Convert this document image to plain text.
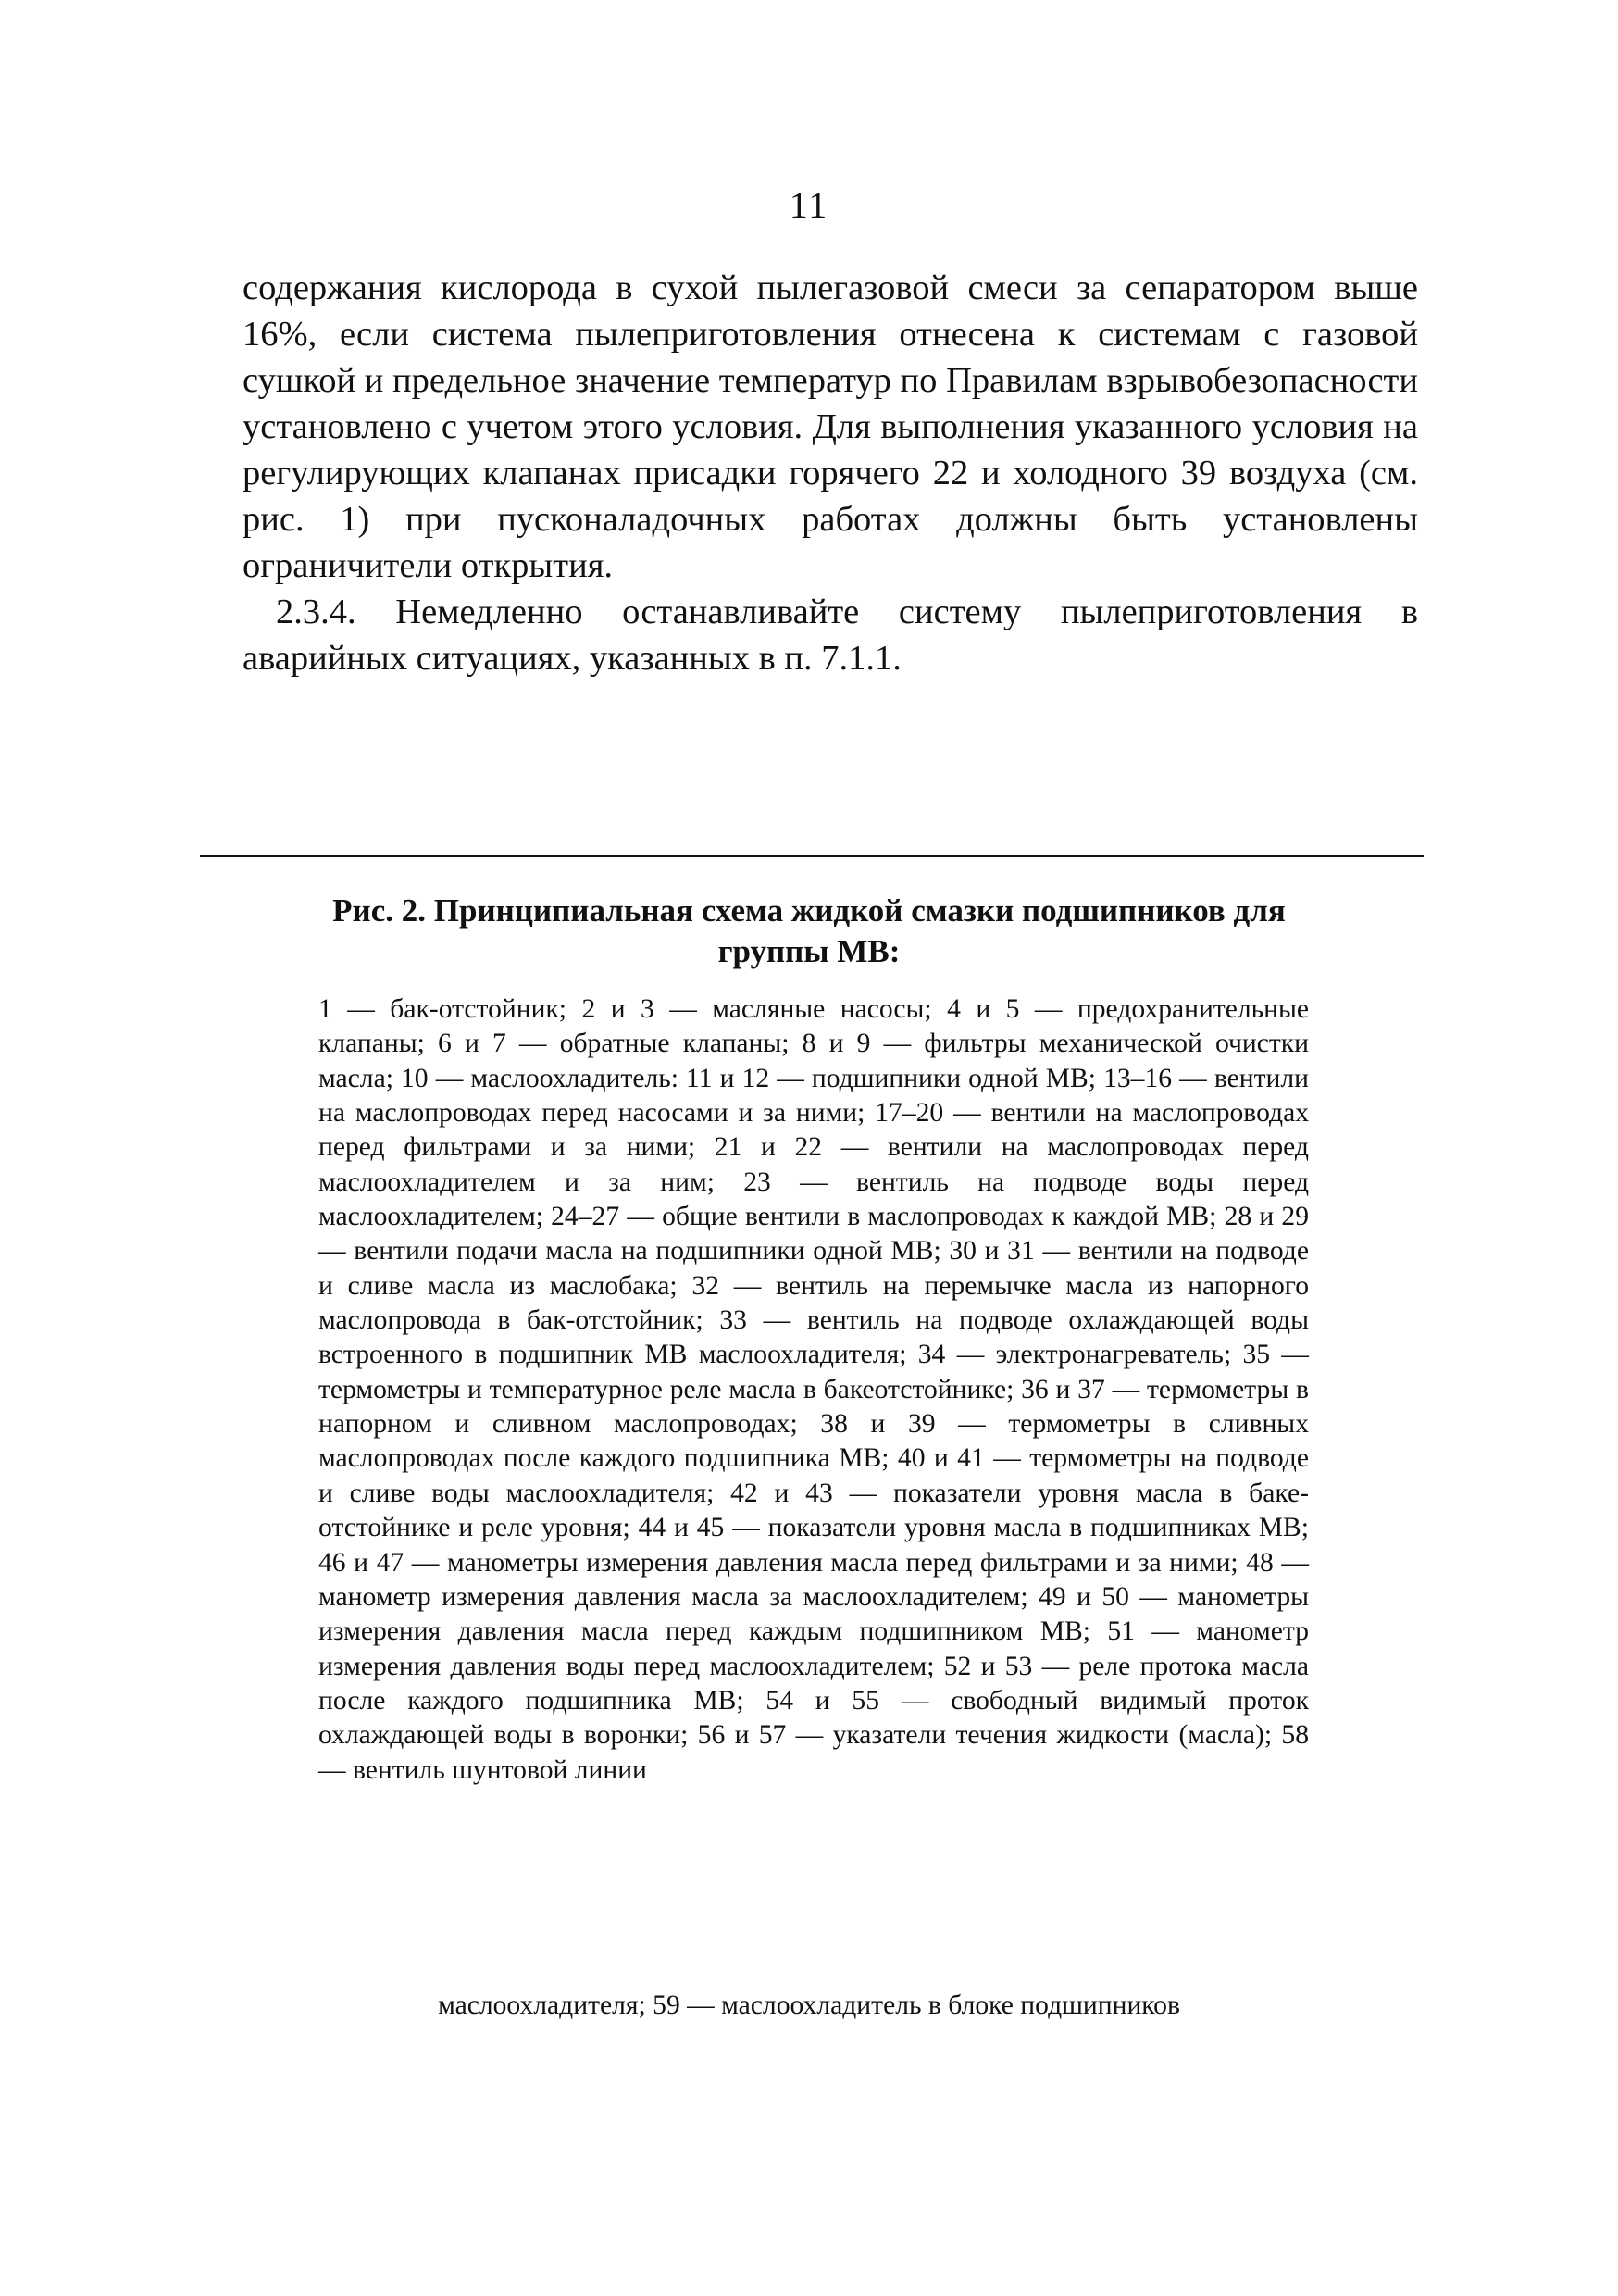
11

содержания кислорода в сухой пылегазовой смеси за сепаратором выше 16%, если система пылеприготовления отнесена к системам с газовой сушкой и предельное значение температур по Правилам взрывобезопасности установлено с учетом этого условия. Для выполнения указанного условия на регулирующих клапанах присадки горячего 22 и холодного 39 воздуха (см. рис. 1) при пусконаладочных работах должны быть установлены ограничители открытия.

2.3.4. Немедленно останавливайте систему пылеприготовления в аварийных ситуациях, указанных в п. 7.1.1.

Рис. 2. Принципиальная схема жидкой смазки подшипников для группы МВ:
1 — бак-отстойник; 2 и 3 — масляные насосы; 4 и 5 — предохранительные клапаны; 6 и 7 — обратные клапаны; 8 и 9 — фильтры механической очистки масла; 10 — маслоохладитель: 11 и 12 — подшипники одной МВ; 13–16 — вентили на маслопроводах перед насосами и за ними; 17–20 — вентили на маслопроводах перед фильтрами и за ними; 21 и 22 — вентили на маслопроводах перед маслоохладителем и за ним; 23 — вентиль на подводе воды перед маслоохладителем; 24–27 — общие вентили в маслопроводах к каждой МВ; 28 и 29 — вентили подачи масла на подшипники одной МВ; 30 и 31 — вентили на подводе и сливе масла из маслобака; 32 — вентиль на перемычке масла из напорного маслопровода в бак-отстойник; 33 — вентиль на подводе охлаждающей воды встроенного в подшипник МВ маслоохладителя; 34 — электронагреватель; 35 — термометры и температурное реле масла в бакеотстойнике; 36 и 37 — термометры в напорном и сливном маслопроводах; 38 и 39 — термометры в сливных маслопроводах после каждого подшипника МВ; 40 и 41 — термометры на подводе и сливе воды маслоохладителя; 42 и 43 — показатели уровня масла в баке-отстойнике и реле уровня; 44 и 45 — показатели уровня масла в подшипниках МВ; 46 и 47 — манометры измерения давления масла перед фильтрами и за ними; 48 — манометр измерения давления масла за маслоохладителем; 49 и 50 — манометры измерения давления масла перед каждым подшипником МВ; 51 — манометр измерения давления воды перед маслоохладителем; 52 и 53 — реле протока масла после каждого подшипника МВ; 54 и 55 — свободный видимый проток охлаждающей воды в воронки; 56 и 57 — указатели течения жидкости (масла); 58 — вентиль шунтовой линии
маслоохладителя; 59 — маслоохладитель в блоке подшипников
